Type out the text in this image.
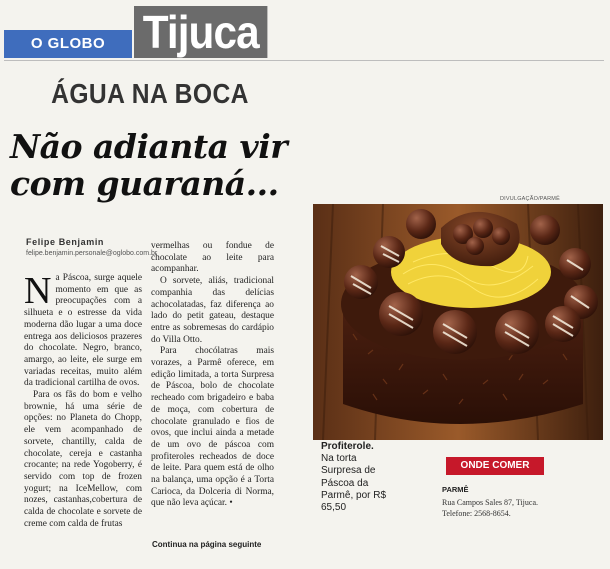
O GLOBO Tijuca
ÁGUA NA BOCA
Não adianta vir com guaraná...
Felipe Benjamin
felipe.benjamin.personale@oglobo.com.br

Na Páscoa, surge aquele momento em que as preocupações com a silhueta e o estresse da vida moderna dão lugar a uma doce entrega aos deliciosos prazeres do chocolate. Negro, branco, amargo, ao leite, ele surge em variadas receitas, muito além da tradicional cartilha de ovos.

Para os fãs do bom e velho brownie, há uma série de opções: no Planeta do Chopp, ele vem acompanhado de sorvete, chantilly, calda de chocolate, cereja e castanha crocante; na rede Yogoberry, é servido com top de frozen yogurt; na IceMellow, com nozes, castanhas,cobertura de calda de chocolate e sorvete de creme com calda de frutas

vermelhas ou fondue de chocolate ao leite para acompanhar.

O sorvete, aliás, tradicional companhia das delícias achocolatadas, faz diferença ao lado do petit gateau, destaque entre as sobremesas do cardápio do Villa Otto.

Para chocólatras mais vorazes, a Parmê oferece, em edição limitada, a torta Surpresa de Páscoa, bolo de chocolate recheado com brigadeiro e baba de moça, com cobertura de chocolate granulado e fios de ovos, que inclui ainda a metade de um ovo de páscoa com profiteroles recheados de doce de leite. Para quem está de olho na balança, uma opção é a Torta Carioca, da Dolceria di Norma, que não leva açúcar. •

Continua na página seguinte
DIVULGAÇÃO/PARMÊ
Profiterole.
Na torta Surpresa de Páscoa da Parmê, por R$ 65,50
ONDE COMER
PARMÊ
Rua Campos Sales 87, Tijuca.
Telefone: 2568-8654.
